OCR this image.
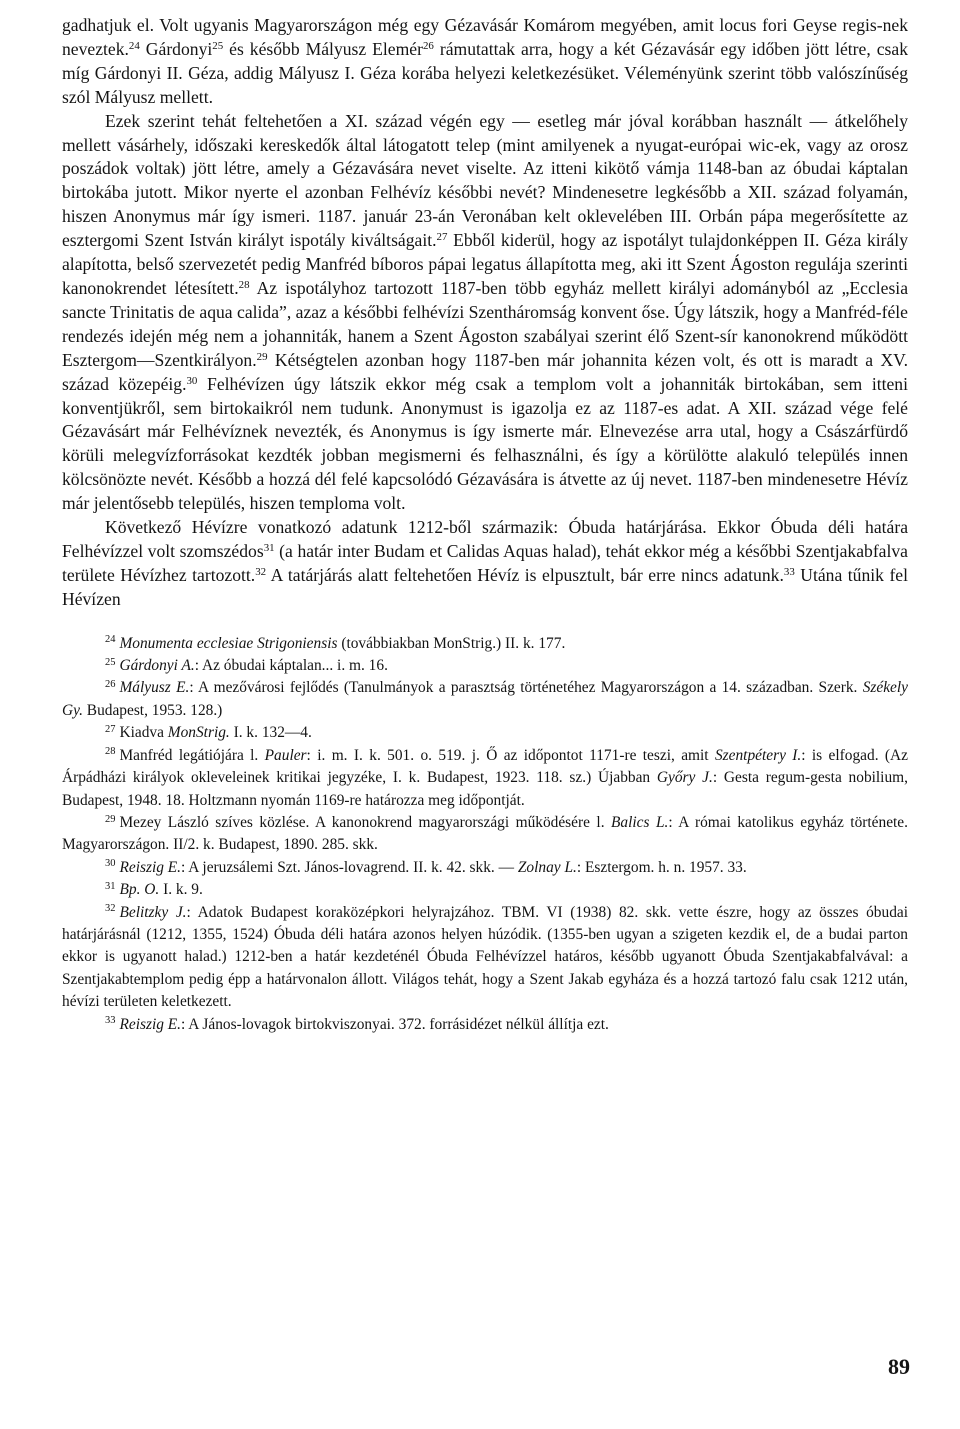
gadhatjuk el. Volt ugyanis Magyarországon még egy Gézavásár Komárom megyében, amit locus fori Geyse regis-nek neveztek.$^{24}$ Gárdonyi$^{25}$ és később Mályusz Elemér$^{26}$ rámutattak arra, hogy a két Gézavásár egy időben jött létre, csak míg Gárdonyi II. Géza, addig Mályusz I. Géza korába helyezi keletkezésüket. Véleményünk szerint több valószínűség szól Mályusz mellett.

Ezek szerint tehát feltehetően a XI. század végén egy — esetleg már jóval korábban használt — átkelőhely mellett vásárhely, időszaki kereskedők által látogatott telep (mint amilyenek a nyugat-európai wic-ek, vagy az orosz poszádok voltak) jött létre, amely a Gézavására nevet viselte. Az itteni kikötő vámja 1148-ban az óbudai káptalan birtokába jutott. Mikor nyerte el azonban Felhévíz későbbi nevét? Mindenesetre legkésőbb a XII. század folyamán, hiszen Anonymus már így ismeri. 1187. január 23-án Veronában kelt oklevelében III. Orbán pápa megerősítette az esztergomi Szent István királyt ispotály kiváltságait.$^{27}$ Ebből kiderül, hogy az ispotályt tulajdonképpen II. Géza király alapította, belső szervezetét pedig Manfréd bíboros pápai legatus állapította meg, aki itt Szent Ágoston regulája szerinti kanonokrendet létesített.$^{28}$ Az ispotályhoz tartozott 1187-ben több egyház mellett királyi adományból az „Ecclesia sancte Trinitatis de aqua calida”, azaz a későbbi felhévízi Szentháromság konvent őse. Úgy látszik, hogy a Manfréd-féle rendezés idején még nem a johanniták, hanem a Szent Ágoston szabályai szerint élő Szent-sír kanonokrend működött Esztergom—Szentkirályon.$^{29}$ Kétségtelen azonban hogy 1187-ben már johannita kézen volt, és ott is maradt a XV. század közepéig.$^{30}$ Felhévízen úgy látszik ekkor még csak a templom volt a johanniták birtokában, sem itteni konventjükről, sem birtokaikról nem tudunk. Anonymust is igazolja ez az 1187-es adat. A XII. század vége felé Gézavásárt már Felhévíznek nevezték, és Anonymus is így ismerte már. Elnevezése arra utal, hogy a Császárfürdő körüli melegvízforrásokat kezdték jobban megismerni és felhasználni, és így a körülötte alakuló település innen kölcsönözte nevét. Később a hozzá dél felé kapcsolódó Gézavására is átvette az új nevet. 1187-ben mindenesetre Hévíz már jelentősebb település, hiszen temploma volt.

Következő Hévízre vonatkozó adatunk 1212-ből származik: Óbuda határjárása. Ekkor Óbuda déli határa Felhévízzel volt szomszédos$^{31}$ (a határ inter Budam et Calidas Aquas halad), tehát ekkor még a későbbi Szentjakabfalva területe Hévízhez tartozott.$^{32}$ A tatárjárás alatt feltehetően Hévíz is elpusztult, bár erre nincs adatunk.$^{33}$ Utána tűnik fel Hévízen

$^{24}$ Monumenta ecclesiae Strigoniensis (továbbiakban MonStrig.) II. k. 177.

$^{25}$ Gárdonyi A.: Az óbudai káptalan... i. m. 16.

$^{26}$ Mályusz E.: A mezővárosi fejlődés (Tanulmányok a parasztság történetéhez Magyarországon a 14. században. Szerk. Székely Gy. Budapest, 1953. 128.)

$^{27}$ Kiadva MonStrig. I. k. 132—4.

$^{28}$ Manfréd legátiójára l. Pauler: i. m. I. k. 501. o. 519. j. Ő az időpontot 1171-re teszi, amit Szentpétery I.: is elfogad. (Az Árpádházi királyok okleveleinek kritikai jegyzéke, I. k. Budapest, 1923. 118. sz.) Újabban Győry J.: Gesta regum-gesta nobilium, Budapest, 1948. 18. Holtzmann nyomán 1169-re határozza meg időpontját.

$^{29}$ Mezey László szíves közlése. A kanonokrend magyarországi működésére l. Balics L.: A római katolikus egyház története. Magyarországon. II/2. k. Budapest, 1890. 285. skk.

$^{30}$ Reiszig E.: A jeruzsálemi Szt. János-lovagrend. II. k. 42. skk. — Zolnay L.: Esztergom. h. n. 1957. 33.

$^{31}$ Bp. O. I. k. 9.

$^{32}$ Belitzky J.: Adatok Budapest koraközépkori helyrajzához. TBM. VI (1938) 82. skk. vette észre, hogy az összes óbudai határjárásnál (1212, 1355, 1524) Óbuda déli határa azonos helyen húzódik. (1355-ben ugyan a szigeten kezdik el, de a budai parton ekkor is ugyanott halad.) 1212-ben a határ kezdeténél Óbuda Felhévízzel határos, később ugyanott Óbuda Szentjakabfalvával: a Szentjakabtemplom pedig épp a határvonalon állott. Világos tehát, hogy a Szent Jakab egyháza és a hozzá tartozó falu csak 1212 után, hévízi területen keletkezett.

$^{33}$ Reiszig E.: A János-lovagok birtokviszonyai. 372. forrásidézet nélkül állítja ezt.

89
